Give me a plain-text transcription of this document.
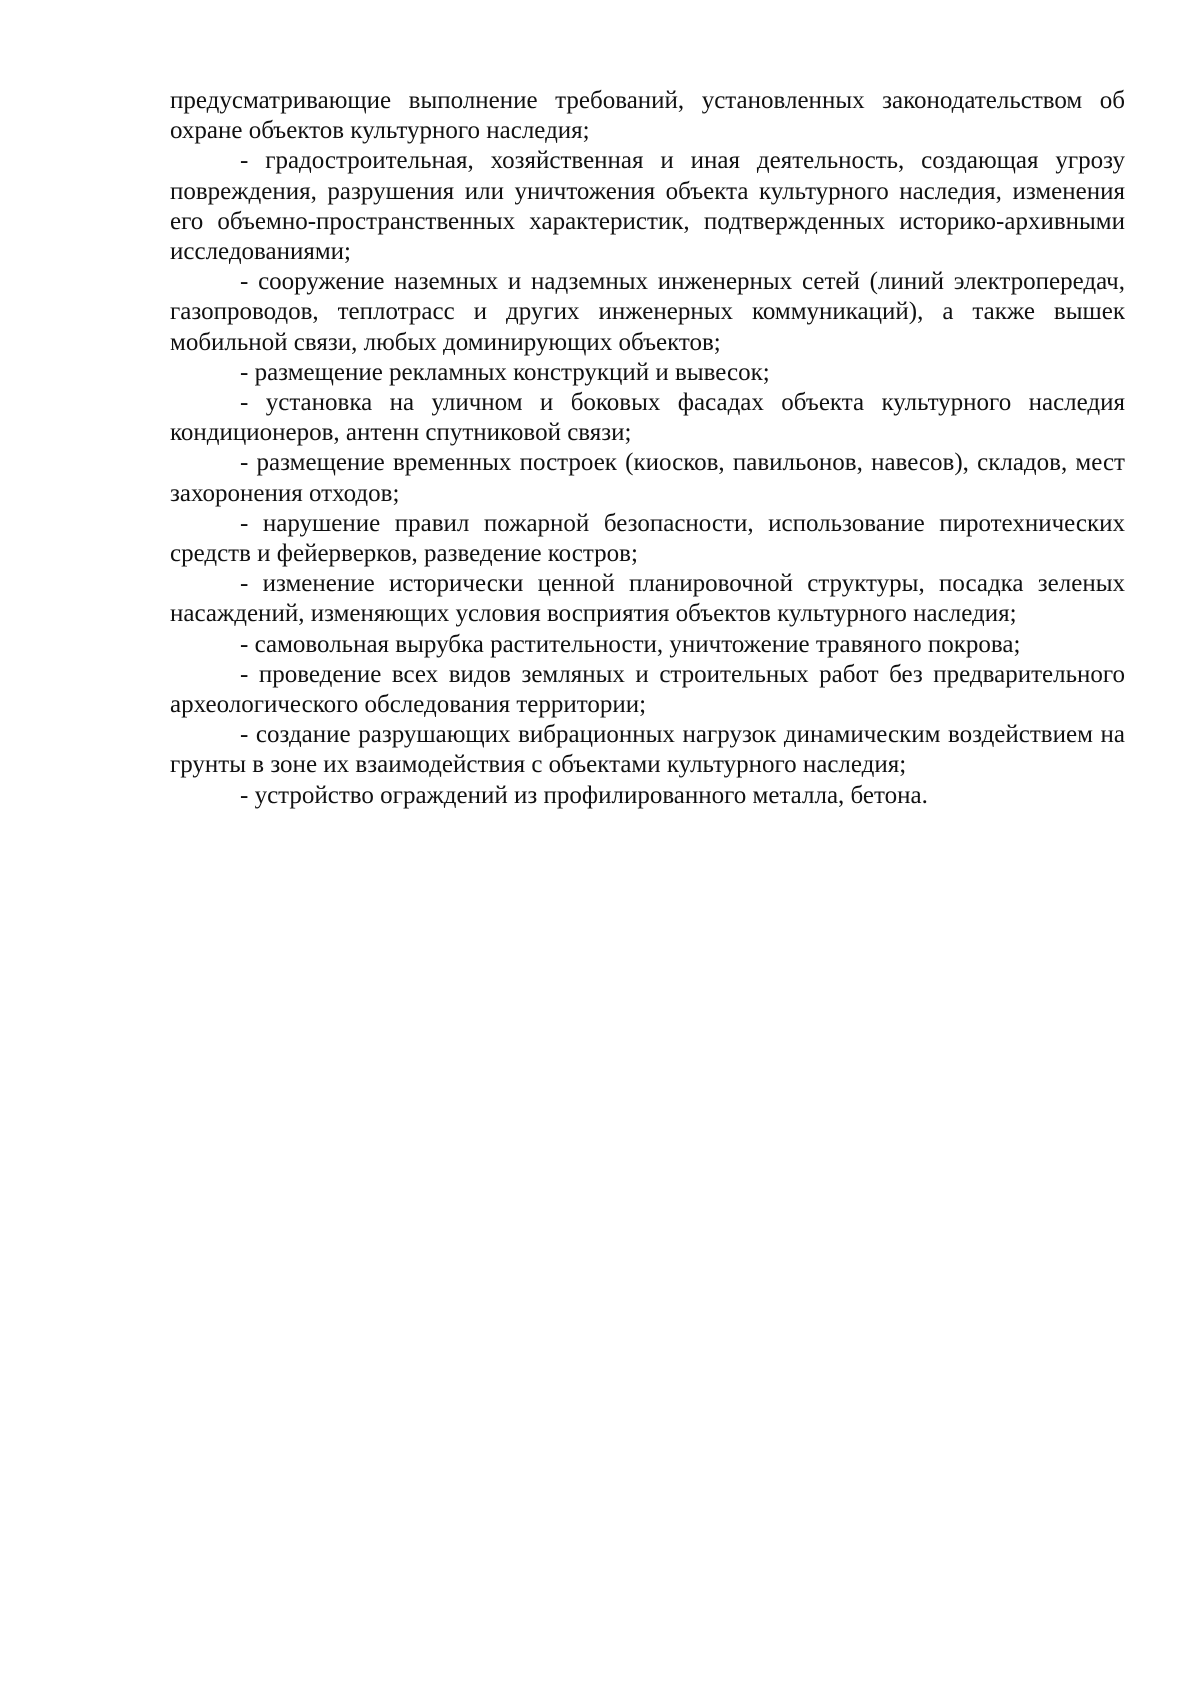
предусматривающие выполнение требований, установленных законодательством об охране объектов культурного наследия;

- градостроительная, хозяйственная и иная деятельность, создающая угрозу повреждения, разрушения или уничтожения объекта культурного наследия, изменения его объемно-пространственных характеристик, подтвержденных историко-архивными исследованиями;

- сооружение наземных и надземных инженерных сетей (линий электропередач, газопроводов, теплотрасс и других инженерных коммуникаций), а также вышек мобильной связи, любых доминирующих объектов;

- размещение рекламных конструкций и вывесок;

- установка на уличном и боковых фасадах объекта культурного наследия кондиционеров, антенн спутниковой связи;

- размещение временных построек (киосков, павильонов, навесов), складов, мест захоронения отходов;

- нарушение правил пожарной безопасности, использование пиротехнических средств и фейерверков, разведение костров;

- изменение исторически ценной планировочной структуры, посадка зеленых насаждений, изменяющих условия восприятия объектов культурного наследия;

- самовольная вырубка растительности, уничтожение травяного покрова;

- проведение всех видов земляных и строительных работ без предварительного археологического обследования территории;

- создание разрушающих вибрационных нагрузок динамическим воздействием на грунты в зоне их взаимодействия с объектами культурного наследия;

- устройство ограждений из профилированного металла, бетона.
